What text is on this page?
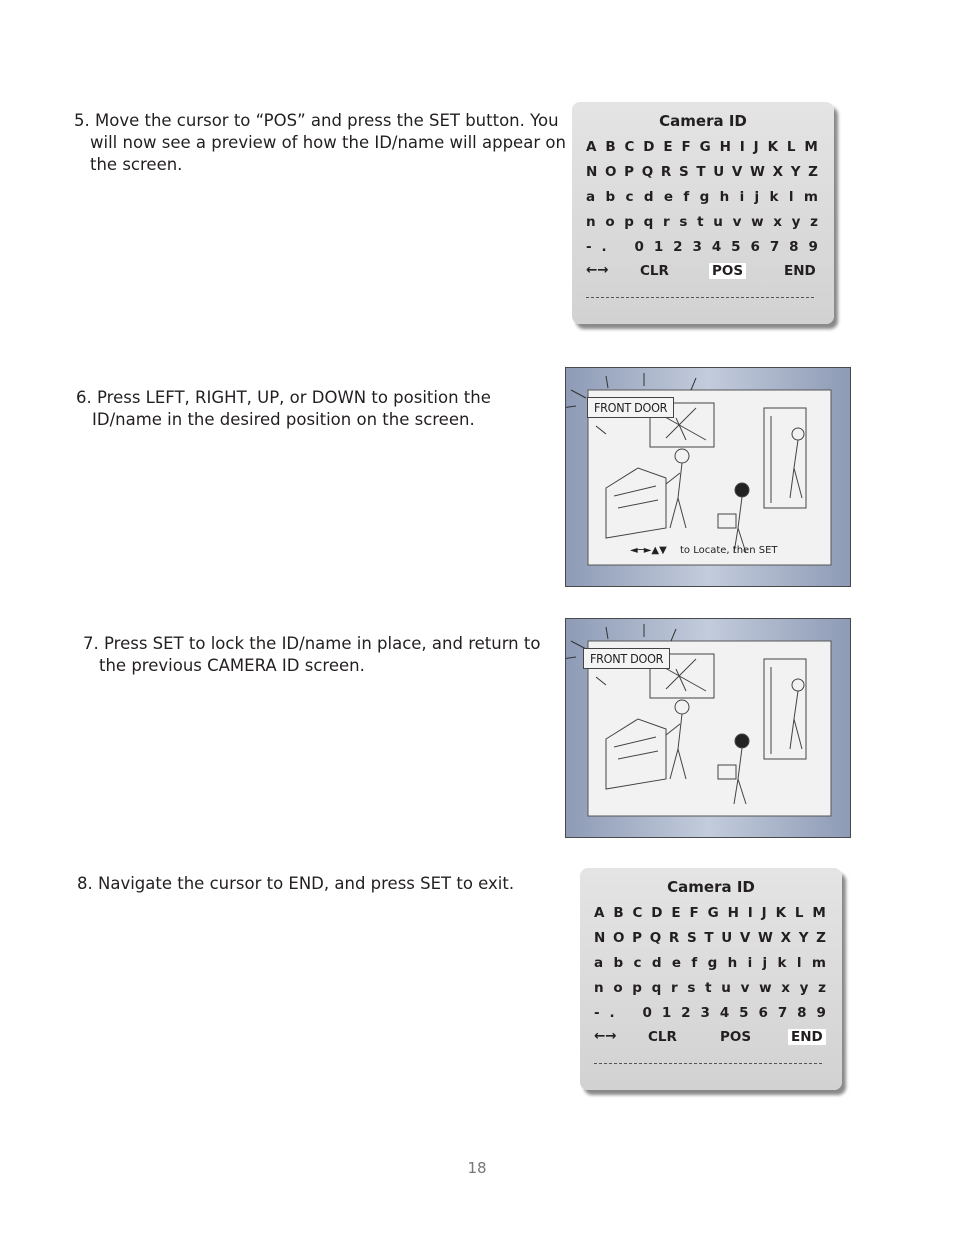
5. Move the cursor to “POS” and press the SET button. You will now see a preview of how the ID/name will appear on the screen.
6. Press LEFT, RIGHT, UP, or DOWN to position the ID/name in the desired position on the screen.
7. Press SET to lock the ID/name in place, and return to the previous CAMERA ID screen.
8. Navigate the cursor to END, and press SET to exit.
Camera ID
A B C D E F G H I J K L M
N O P Q R S T U V W X Y Z
a b c d e f g h i j k l m
n o p q r s t u v w x y z
- . 0 1 2 3 4 5 6 7 8 9
←→ CLR	POS	END
FRONT DOOR
◄─►▲▼ to Locate, then SET
FRONT DOOR
Camera ID
A B C D E F G H I J K L M
N O P Q R S T U V W X Y Z
a b c d e f g h i j k l m
n o p q r s t u v w x y z
- . 0 1 2 3 4 5 6 7 8 9
←→ CLR	POS	END
18
